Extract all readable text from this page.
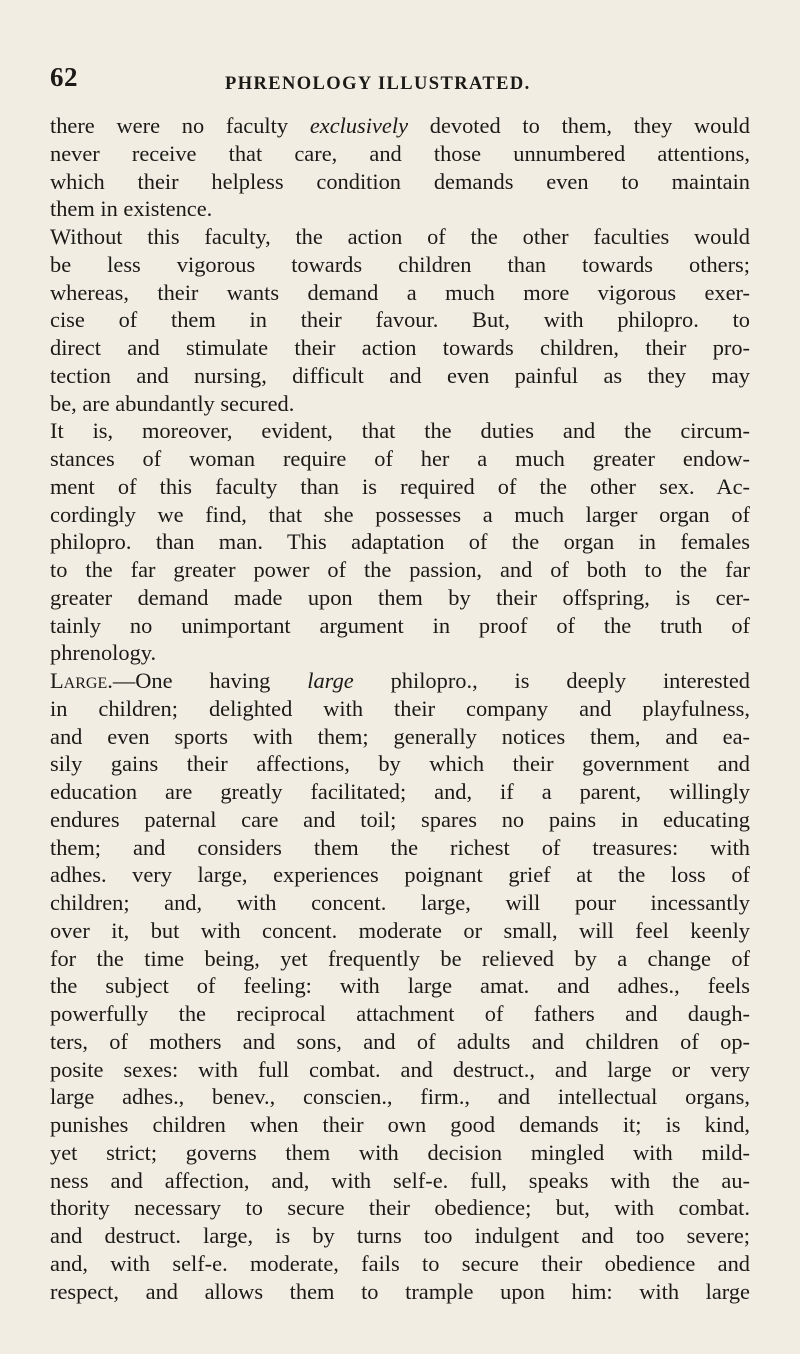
62	PHRENOLOGY ILLUSTRATED.
there were no faculty exclusively devoted to them, they would
never receive that care, and those unnumbered attentions,
which their helpless condition demands even to maintain
them in existence.
Without this faculty, the action of the other faculties would
be less vigorous towards children than towards others;
whereas, their wants demand a much more vigorous exer-
cise of them in their favour. But, with philopro. to
direct and stimulate their action towards children, their pro-
tection and nursing, difficult and even painful as they may
be, are abundantly secured.
It is, moreover, evident, that the duties and the circum-
stances of woman require of her a much greater endow-
ment of this faculty than is required of the other sex. Ac-
cordingly we find, that she possesses a much larger organ of
philopro. than man. This adaptation of the organ in females
to the far greater power of the passion, and of both to the far
greater demand made upon them by their offspring, is cer-
tainly no unimportant argument in proof of the truth of
phrenology.
Large.—One having large philopro., is deeply interested
in children; delighted with their company and playfulness,
and even sports with them; generally notices them, and ea-
sily gains their affections, by which their government and
education are greatly facilitated; and, if a parent, willingly
endures paternal care and toil; spares no pains in educating
them; and considers them the richest of treasures: with
adhes. very large, experiences poignant grief at the loss of
children; and, with concent. large, will pour incessantly
over it, but with concent. moderate or small, will feel keenly
for the time being, yet frequently be relieved by a change of
the subject of feeling: with large amat. and adhes., feels
powerfully the reciprocal attachment of fathers and daugh-
ters, of mothers and sons, and of adults and children of op-
posite sexes: with full combat. and destruct., and large or very
large adhes., benev., conscien., firm., and intellectual organs,
punishes children when their own good demands it; is kind,
yet strict; governs them with decision mingled with mild-
ness and affection, and, with self-e. full, speaks with the au-
thority necessary to secure their obedience; but, with combat.
and destruct. large, is by turns too indulgent and too severe;
and, with self-e. moderate, fails to secure their obedience and
respect, and allows them to trample upon him: with large
